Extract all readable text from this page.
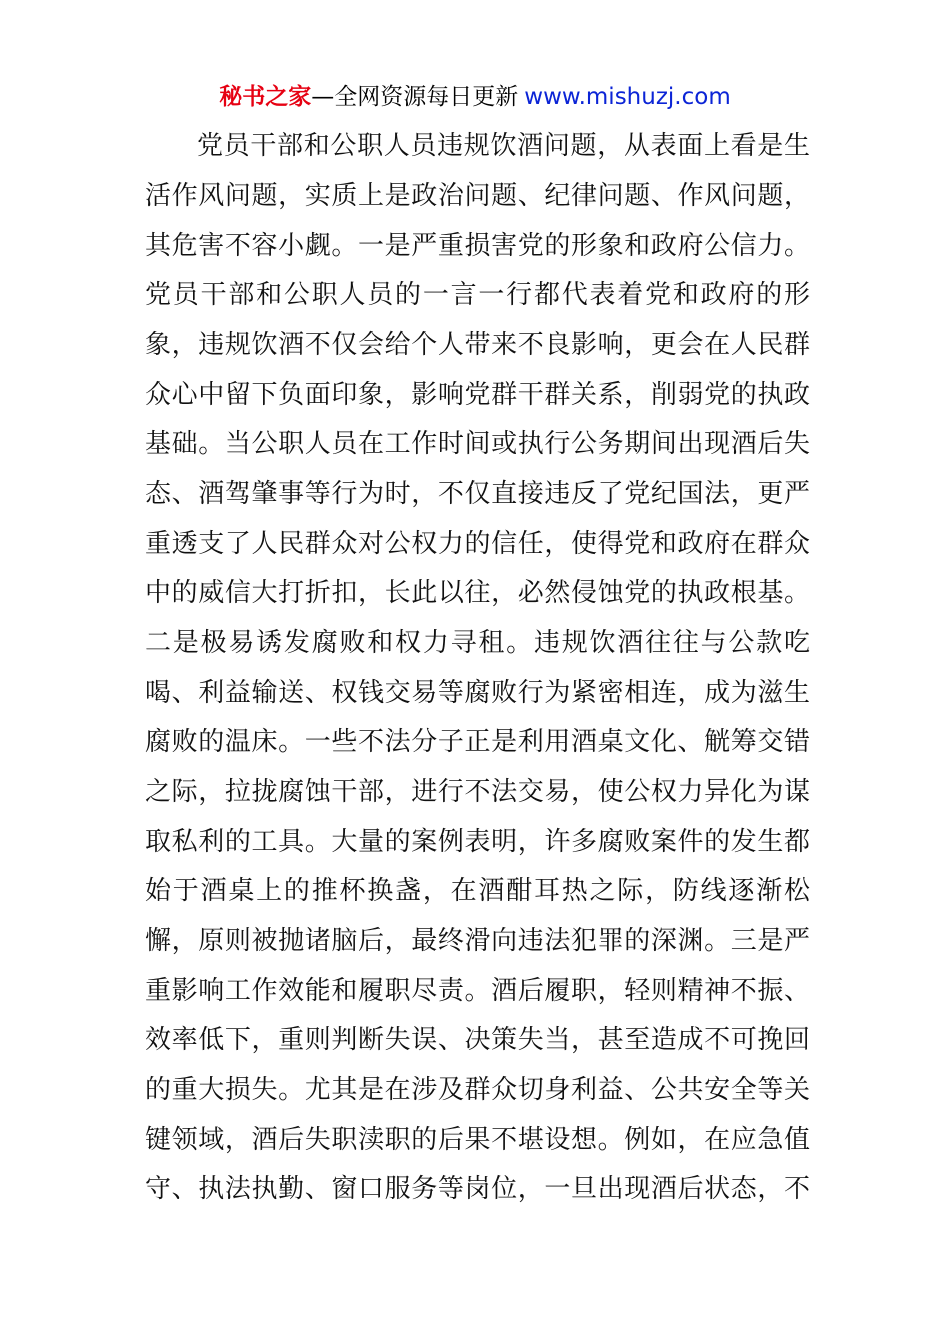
秘书之家—全网资源每日更新 www.mishuzj.com
党员干部和公职人员违规饮酒问题，从表面上看是生
活作风问题，实质上是政治问题、纪律问题、作风问题，
其危害不容小觑。一是严重损害党的形象和政府公信力。
党员干部和公职人员的一言一行都代表着党和政府的形
象，违规饮酒不仅会给个人带来不良影响，更会在人民群
众心中留下负面印象，影响党群干群关系，削弱党的执政
基础。当公职人员在工作时间或执行公务期间出现酒后失
态、酒驾肇事等行为时，不仅直接违反了党纪国法，更严
重透支了人民群众对公权力的信任，使得党和政府在群众
中的威信大打折扣，长此以往，必然侵蚀党的执政根基。
二是极易诱发腐败和权力寻租。违规饮酒往往与公款吃
喝、利益输送、权钱交易等腐败行为紧密相连，成为滋生
腐败的温床。一些不法分子正是利用酒桌文化、觥筹交错
之际，拉拢腐蚀干部，进行不法交易，使公权力异化为谋
取私利的工具。大量的案例表明，许多腐败案件的发生都
始于酒桌上的推杯换盏，在酒酣耳热之际，防线逐渐松
懈，原则被抛诸脑后，最终滑向违法犯罪的深渊。三是严
重影响工作效能和履职尽责。酒后履职，轻则精神不振、
效率低下，重则判断失误、决策失当，甚至造成不可挽回
的重大损失。尤其是在涉及群众切身利益、公共安全等关
键领域，酒后失职渎职的后果不堪设想。例如，在应急值
守、执法执勤、窗口服务等岗位，一旦出现酒后状态，不
